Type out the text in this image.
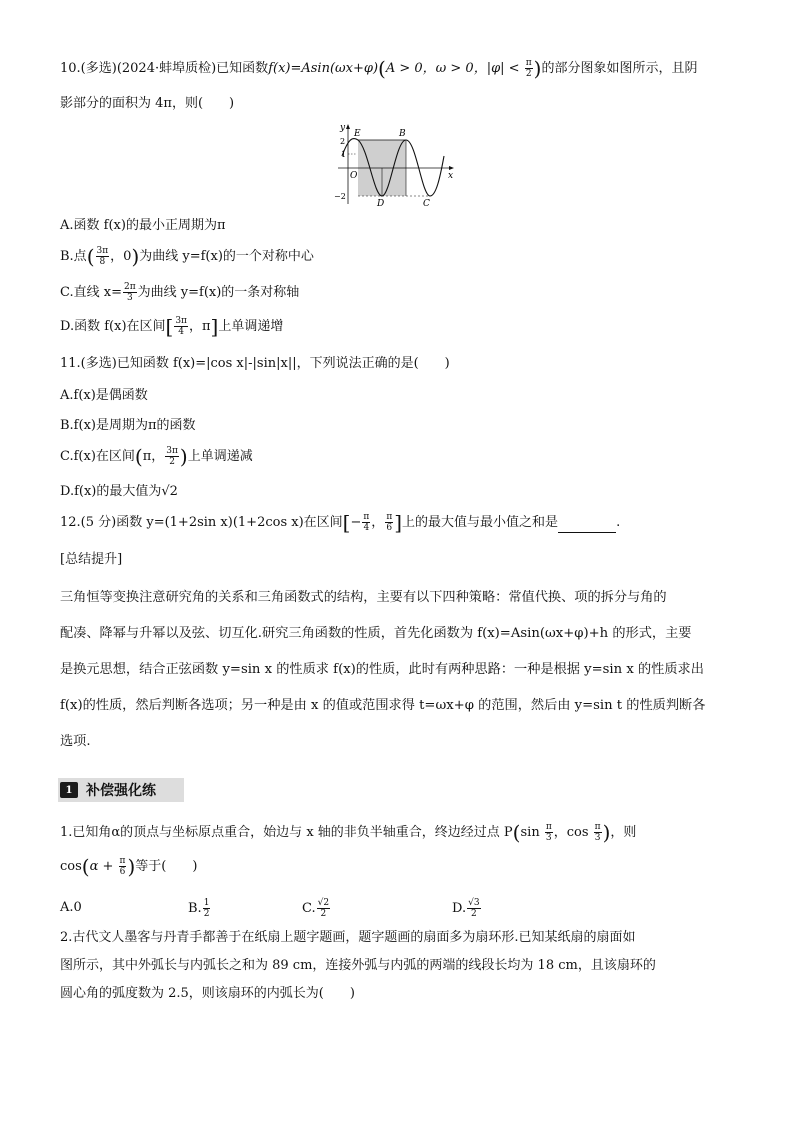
10.(多选)(2024·蚌埠质检)已知函数f(x)=Asin(ωx+φ)(A > 0，ω > 0，$|\varphi| < \frac{\pi}{2}$ )的部分图象如图所示，且阴
影部分的面积为 4π，则(　　)
y
x
O
2
1
−2
E	B
D	C
A.函数 f(x)的最小正周期为π
B.点( $\frac{3\pi}{8}$ ，0)为曲线 y=f(x)的一个对称中心
C.直线 $x= \frac{2\pi}{3}$ 为曲线 y=f(x)的一条对称轴
D.函数 f(x)在区间[ $\frac{3\pi}{4}$ ，π]上单调递增
11.(多选)已知函数 f(x)=|cos x|-|sin|x||，下列说法正确的是(　　)
A.f(x)是偶函数
B.f(x)是周期为π的函数
C.f(x)在区间(π， $\frac{3\pi}{2}$ )上单调递减
D.f(x)的最大值为√2
12.(5 分)函数 y=(1+2sin x)(1+2cos x)在区间[− $\frac{\pi}{4}$ ， $\frac{\pi}{6}$ ]上的最大值与最小值之和是	.
[总结提升]
三角恒等变换注意研究角的关系和三角函数式的结构，主要有以下四种策略：常值代换、项的拆分与角的
配凑、降幂与升幂以及弦、切互化.研究三角函数的性质，首先化函数为 f(x)=Asin(ωx+φ)+h 的形式，主要
是换元思想，结合正弦函数 y=sin x 的性质求 f(x)的性质，此时有两种思路：一种是根据 y=sin x 的性质求出
f(x)的性质，然后判断各选项；另一种是由 x 的值或范围求得 t=ωx+φ 的范围，然后由 y=sin t 的性质判断各
选项.
1 补偿强化练
1.已知角α的顶点与坐标原点重合，始边与 x 轴的非负半轴重合，终边经过点 $P(\sin \frac{\pi}{3}$ ，$\cos \frac{\pi}{3}$ )，则
$\cos(\alpha + \frac{\pi}{6}$ )等于(　　)
A.0	B. $\frac{1}{2}$	C. $\frac{√2}{2}$	D. $\frac{√3}{2}$
2.古代文人墨客与丹青手都善于在纸扇上题字题画，题字题画的扇面多为扇环形.已知某纸扇的扇面如
图所示，其中外弧长与内弧长之和为 89 cm，连接外弧与内弧的两端的线段长均为 18 cm，且该扇环的
圆心角的弧度数为 2.5，则该扇环的内弧长为(　　)
